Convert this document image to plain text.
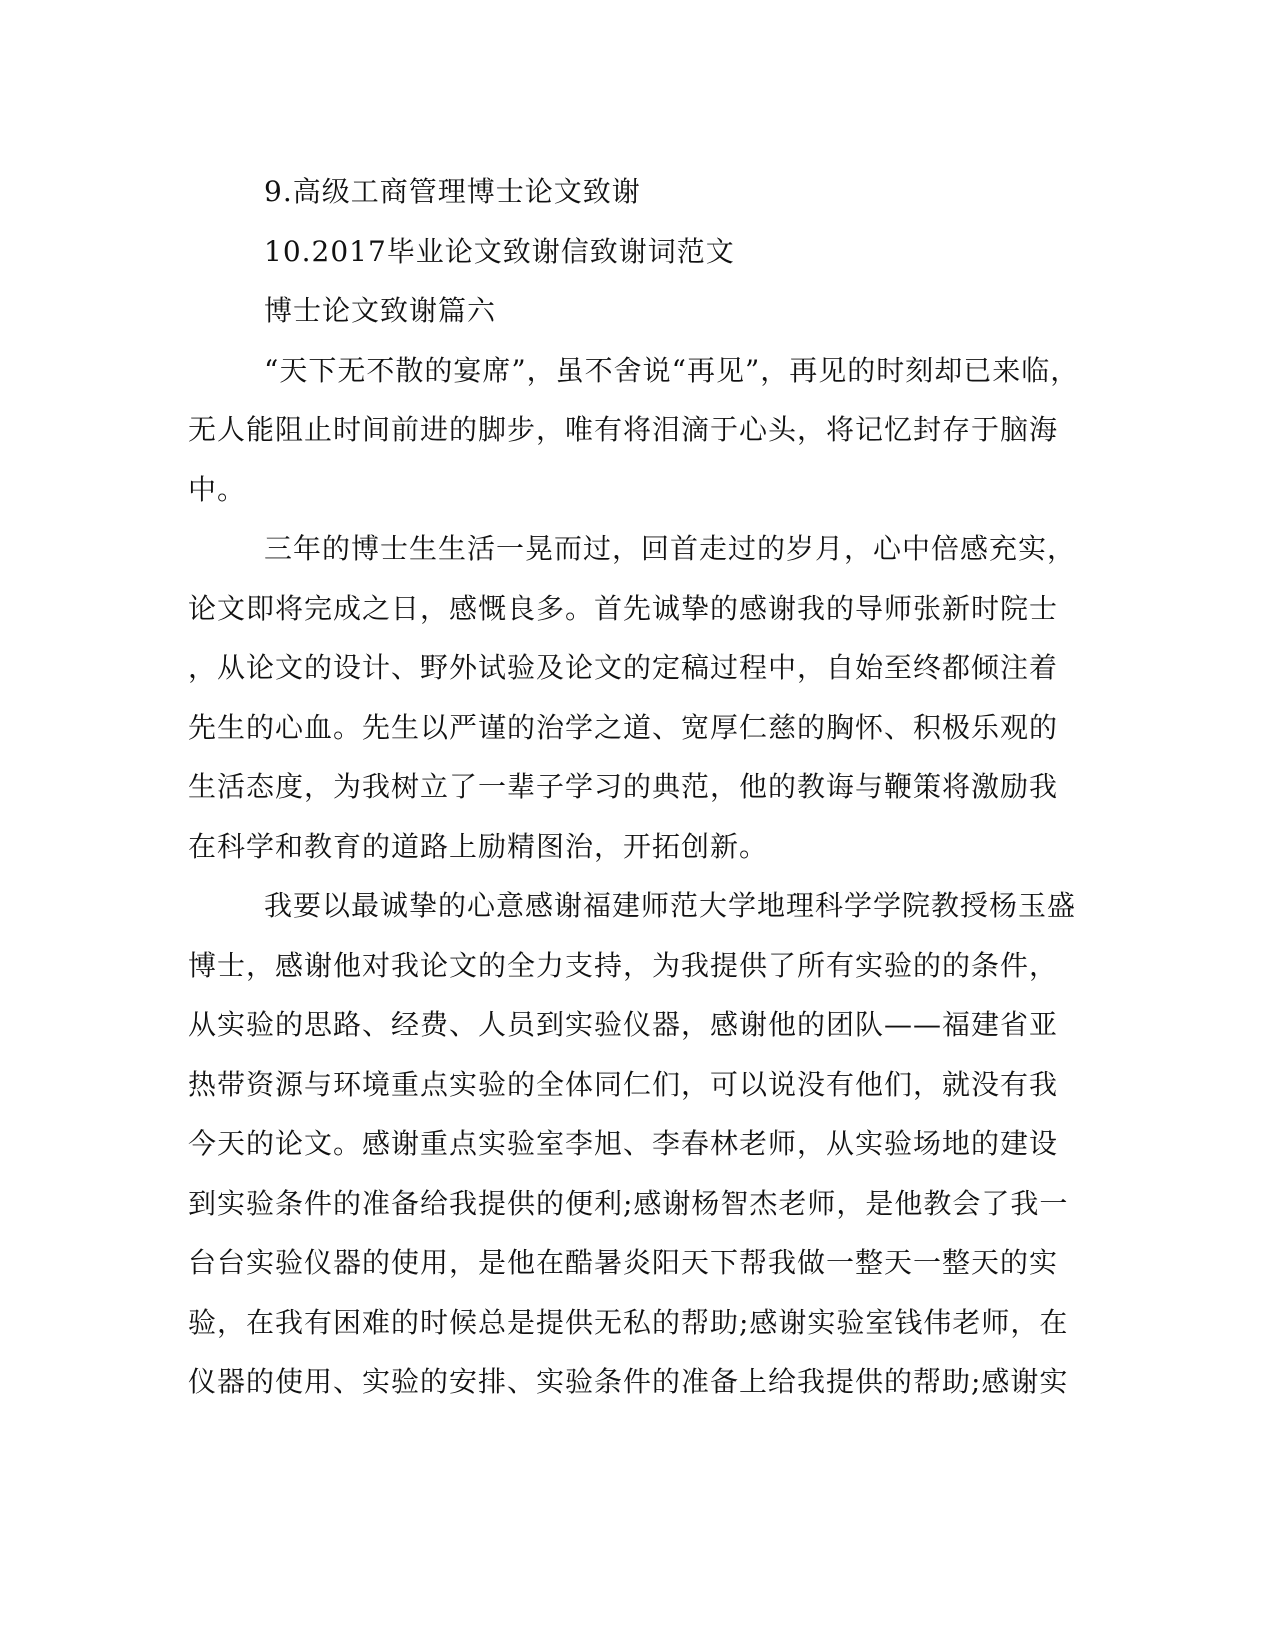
9.高级工商管理博士论文致谢
10.2017毕业论文致谢信致谢词范文
博士论文致谢篇六
“天下无不散的宴席”，虽不舍说“再见”，再见的时刻却已来临，
无人能阻止时间前进的脚步，唯有将泪滴于心头，将记忆封存于脑海
中。
三年的博士生生活一晃而过，回首走过的岁月，心中倍感充实，
论文即将完成之日，感慨良多。首先诚挚的感谢我的导师张新时院士
，从论文的设计、野外试验及论文的定稿过程中，自始至终都倾注着
先生的心血。先生以严谨的治学之道、宽厚仁慈的胸怀、积极乐观的
生活态度，为我树立了一辈子学习的典范，他的教诲与鞭策将激励我
在科学和教育的道路上励精图治，开拓创新。
我要以最诚挚的心意感谢福建师范大学地理科学学院教授杨玉盛
博士，感谢他对我论文的全力支持，为我提供了所有实验的的条件，
从实验的思路、经费、人员到实验仪器，感谢他的团队——福建省亚
热带资源与环境重点实验的全体同仁们，可以说没有他们，就没有我
今天的论文。感谢重点实验室李旭、李春林老师，从实验场地的建设
到实验条件的准备给我提供的便利;感谢杨智杰老师，是他教会了我一
台台实验仪器的使用，是他在酷暑炎阳天下帮我做一整天一整天的实
验，在我有困难的时候总是提供无私的帮助;感谢实验室钱伟老师，在
仪器的使用、实验的安排、实验条件的准备上给我提供的帮助;感谢实
